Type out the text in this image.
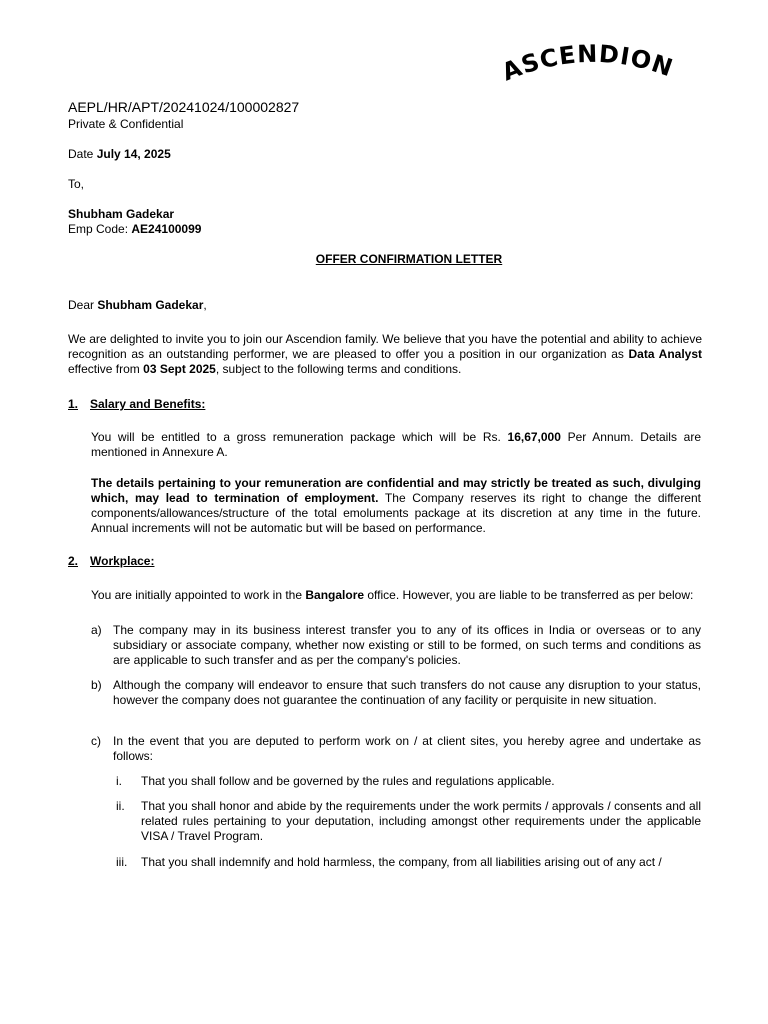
ASCENDION
AEPL/HR/APT/20241024/100002827
Private & Confidential
Date July 14, 2025
To,
Shubham Gadekar
Emp Code: AE24100099
OFFER CONFIRMATION LETTER
Dear Shubham Gadekar,
We are delighted to invite you to join our Ascendion family. We believe that you have the potential and ability to achieve recognition as an outstanding performer, we are pleased to offer you a position in our organization as Data Analyst effective from 03 Sept 2025, subject to the following terms and conditions.
1. Salary and Benefits:
You will be entitled to a gross remuneration package which will be Rs. 16,67,000 Per Annum. Details are mentioned in Annexure A.
The details pertaining to your remuneration are confidential and may strictly be treated as such, divulging which, may lead to termination of employment. The Company reserves its right to change the different components/allowances/structure of the total emoluments package at its discretion at any time in the future. Annual increments will not be automatic but will be based on performance.
2. Workplace:
You are initially appointed to work in the Bangalore office. However, you are liable to be transferred as per below:
a) The company may in its business interest transfer you to any of its offices in India or overseas or to any subsidiary or associate company, whether now existing or still to be formed, on such terms and conditions as are applicable to such transfer and as per the company's policies.
b) Although the company will endeavor to ensure that such transfers do not cause any disruption to your status, however the company does not guarantee the continuation of any facility or perquisite in new situation.
c) In the event that you are deputed to perform work on / at client sites, you hereby agree and undertake as follows:
i. That you shall follow and be governed by the rules and regulations applicable.
ii. That you shall honor and abide by the requirements under the work permits / approvals / consents and all related rules pertaining to your deputation, including amongst other requirements under the applicable VISA / Travel Program.
iii. That you shall indemnify and hold harmless, the company, from all liabilities arising out of any act /
